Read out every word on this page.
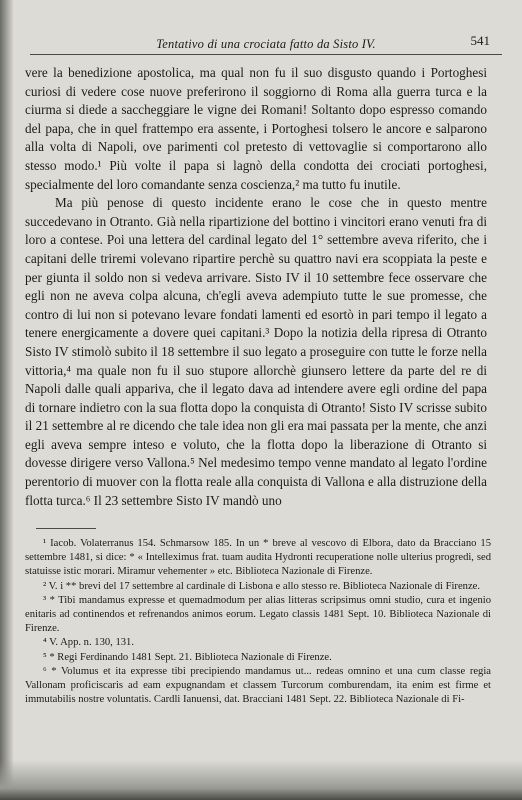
Tentativo di una crociata fatto da Sisto IV.	541

vere la benedizione apostolica, ma qual non fu il suo disgusto quando i Portoghesi curiosi di vedere cose nuove preferirono il soggiorno di Roma alla guerra turca e la ciurma si diede a saccheggiare le vigne dei Romani! Soltanto dopo espresso comando del papa, che in quel frattempo era assente, i Portoghesi tolsero le ancore e salparono alla volta di Napoli, ove parimenti col pretesto di vettovaglie si comportarono allo stesso modo.¹ Più volte il papa si lagnò della condotta dei crociati portoghesi, specialmente del loro comandante senza coscienza,² ma tutto fu inutile.

Ma più penose di questo incidente erano le cose che in questo mentre succedevano in Otranto. Già nella ripartizione del bottino i vincitori erano venuti fra di loro a contese. Poi una lettera del cardinal legato del 1° settembre aveva riferito, che i capitani delle triremi volevano ripartire perchè su quattro navi era scoppiata la peste e per giunta il soldo non si vedeva arrivare. Sisto IV il 10 settembre fece osservare che egli non ne aveva colpa alcuna, ch'egli aveva adempiuto tutte le sue promesse, che contro di lui non si potevano levare fondati lamenti ed esortò in pari tempo il legato a tenere energicamente a dovere quei capitani.³ Dopo la notizia della ripresa di Otranto Sisto IV stimolò subito il 18 settembre il suo legato a proseguire con tutte le forze nella vittoria,⁴ ma quale non fu il suo stupore allorchè giunsero lettere da parte del re di Napoli dalle quali appariva, che il legato dava ad intendere avere egli ordine del papa di tornare indietro con la sua flotta dopo la conquista di Otranto! Sisto IV scrisse subito il 21 settembre al re dicendo che tale idea non gli era mai passata per la mente, che anzi egli aveva sempre inteso e voluto, che la flotta dopo la liberazione di Otranto si dovesse dirigere verso Vallona.⁵ Nel medesimo tempo venne mandato al legato l'ordine perentorio di muover con la flotta reale alla conquista di Vallona e alla distruzione della flotta turca.⁶ Il 23 settembre Sisto IV mandò uno

¹ Iacob. Volaterranus 154. Schmarsow 185. In un * breve al vescovo di Elbora, dato da Bracciano 15 settembre 1481, si dice: * « Intelleximus frat. tuam audita Hydronti recuperatione nolle ulterius progredi, sed statuisse istic morari. Miramur vehementer » etc. Biblioteca Nazionale di Firenze.

² V. i ** brevi del 17 settembre al cardinale di Lisbona e allo stesso re. Biblioteca Nazionale di Firenze.

³ * Tibi mandamus expresse et quemadmodum per alias litteras scripsimus omni studio, cura et ingenio enitaris ad continendos et refrenandos animos eorum. Legato classis 1481 Sept. 10. Biblioteca Nazionale di Firenze.

⁴ V. App. n. 130, 131.

⁵ * Regi Ferdinando 1481 Sept. 21. Biblioteca Nazionale di Firenze.

⁶ * Volumus et ita expresse tibi precipiendo mandamus ut... redeas omnino et una cum classe regia Vallonam proficiscaris ad eam expugnandam et classem Turcorum comburendam, ita enim est firme et immutabilis nostre voluntatis. Cardli Ianuensi, dat. Bracciani 1481 Sept. 22. Biblioteca Nazionale di Fi-
